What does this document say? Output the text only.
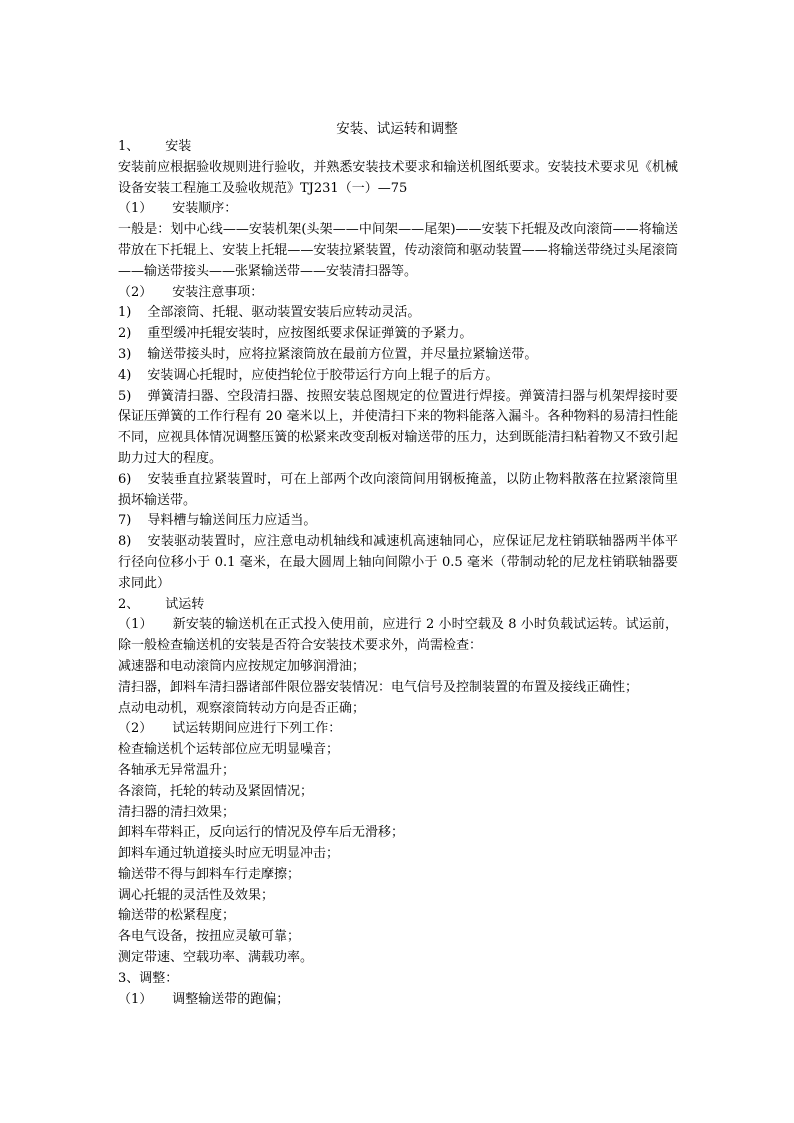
安装、试运转和调整
1、 安装
安装前应根据验收规则进行验收，并熟悉安装技术要求和输送机图纸要求。安装技术要求见《机械设备安装工程施工及验收规范》TJ231（一）—75
（1） 安装顺序：
一般是：划中心线——安装机架(头架——中间架——尾架)——安装下托辊及改向滚筒——将输送带放在下托辊上、安装上托辊——安装拉紧装置，传动滚筒和驱动装置——将输送带绕过头尾滚筒——输送带接头——张紧输送带——安装清扫器等。
（2） 安装注意事项：
1) 全部滚筒、托辊、驱动装置安装后应转动灵活。
2) 重型缓冲托辊安装时，应按图纸要求保证弹簧的予紧力。
3) 输送带接头时，应将拉紧滚筒放在最前方位置，并尽量拉紧输送带。
4) 安装调心托辊时，应使挡轮位于胶带运行方向上辊子的后方。
5) 弹簧清扫器、空段清扫器、按照安装总图规定的位置进行焊接。弹簧清扫器与机架焊接时要保证压弹簧的工作行程有 20 毫米以上，并使清扫下来的物料能落入漏斗。各种物料的易清扫性能不同，应视具体情况调整压簧的松紧来改变刮板对输送带的压力，达到既能清扫粘着物又不致引起助力过大的程度。
6) 安装垂直拉紧装置时，可在上部两个改向滚筒间用钢板掩盖，以防止物料散落在拉紧滚筒里损坏输送带。
7) 导料槽与输送间压力应适当。
8) 安装驱动装置时，应注意电动机轴线和减速机高速轴同心，应保证尼龙柱销联轴器两半体平行径向位移小于 0.1 毫米，在最大圆周上轴向间隙小于 0.5 毫米（带制动轮的尼龙柱销联轴器要求同此）
2、 试运转
（1） 新安装的输送机在正式投入使用前，应进行 2 小时空载及 8 小时负载试运转。试运前，除一般检查输送机的安装是否符合安装技术要求外，尚需检查：
减速器和电动滚筒内应按规定加够润滑油；
清扫器，卸料车清扫器诸部件限位器安装情况：电气信号及控制装置的布置及接线正确性；
点动电动机，观察滚筒转动方向是否正确；
（2） 试运转期间应进行下列工作：
检查输送机个运转部位应无明显噪音；
各轴承无异常温升；
各滚筒，托轮的转动及紧固情况；
清扫器的清扫效果；
卸料车带料正，反向运行的情况及停车后无滑移；
卸料车通过轨道接头时应无明显冲击；
输送带不得与卸料车行走摩擦；
调心托辊的灵活性及效果；
输送带的松紧程度；
各电气设备，按扭应灵敏可靠；
测定带速、空载功率、满载功率。
3、调整：
（1） 调整输送带的跑偏；
